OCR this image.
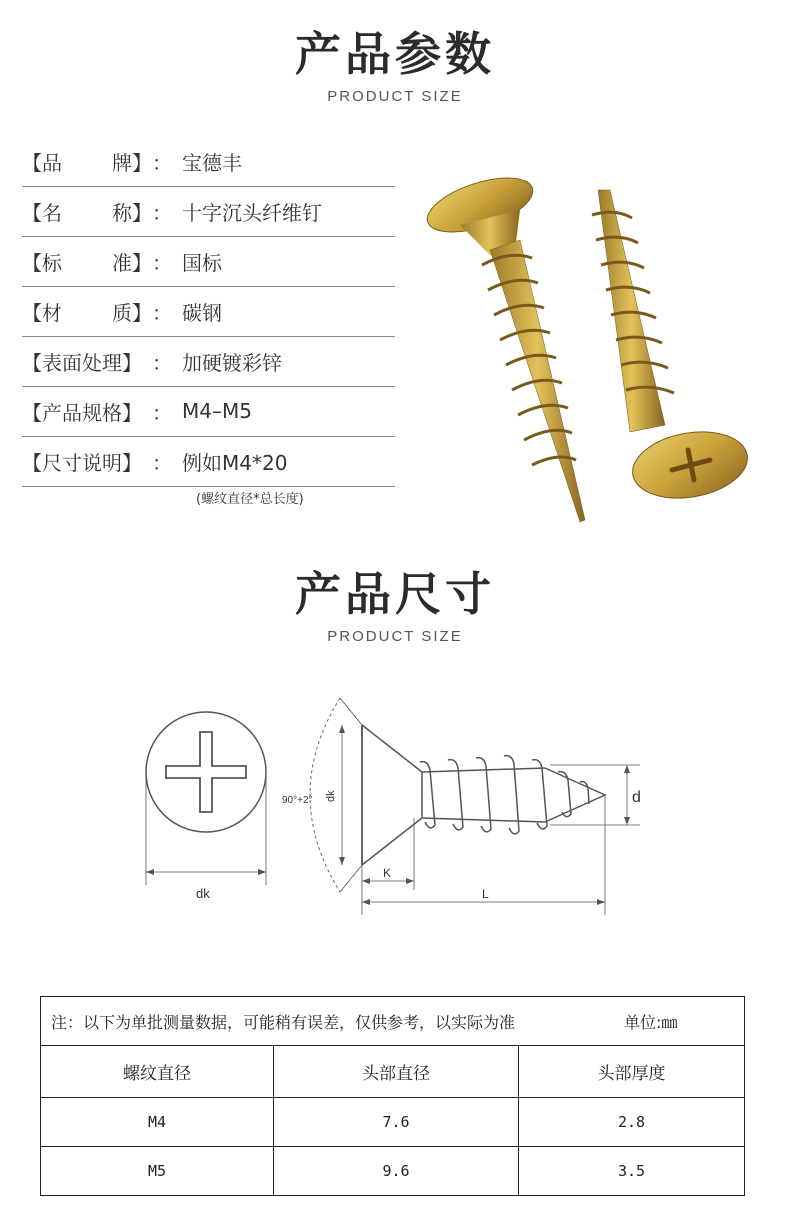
产品参数
PRODUCT SIZE
【品	牌】 ： 宝德丰
【名	称】 ： 十字沉头纤维钉
【标	准】 ： 国标
【材	质】 ： 碳钢
【表面处理】 ： 加硬镀彩锌
【产品规格】 ： M4–M5
【尺寸说明】 ： 例如M4*20
(螺纹直径*总长度)
产品尺寸
PRODUCT SIZE
dk
dk
90°+2°	d
K
L
注：以下为单批测量数据，可能稍有误差，仅供参考，以实际为准 单位:㎜		

螺纹直径	头部直径	头部厚度
M4	7.6	2.8
M5	9.6	3.5
